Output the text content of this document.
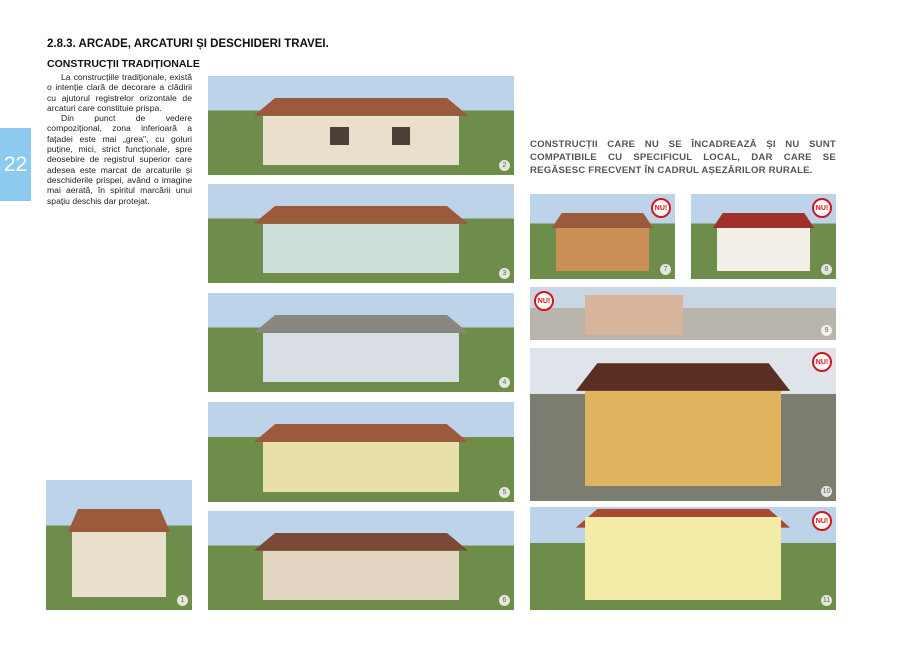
22
2.8.3. ARCADE, ARCATURI ȘI DESCHIDERI TRAVEI.
CONSTRUCȚII TRADIȚIONALE

La construcțiile tradiționale, există o intenție clară de decorare a clădirii cu ajutorul registrelor orizontale de arcaturi care constituie prispa.

Din punct de vedere compozițional, zona inferioară a fațadei este mai „grea", cu goluri puține, mici, strict funcționale, spre deosebire de registrul superior care adesea este marcat de arcaturile și deschiderile prispei, având o imagine mai aerată, în spiritul marcării unui spațiu deschis dar protejat.

CONSTRUCȚII CARE NU SE ÎNCADREAZĂ ȘI NU SUNT COMPATIBILE CU SPECIFICUL LOCAL, DAR CARE SE REGĂSESC FRECVENT ÎN CADRUL AȘEZĂRILOR RURALE.
1
2
3
4
5
6
NU!
7
NU!
8
NU!
9
NU!
10
NU!
11
